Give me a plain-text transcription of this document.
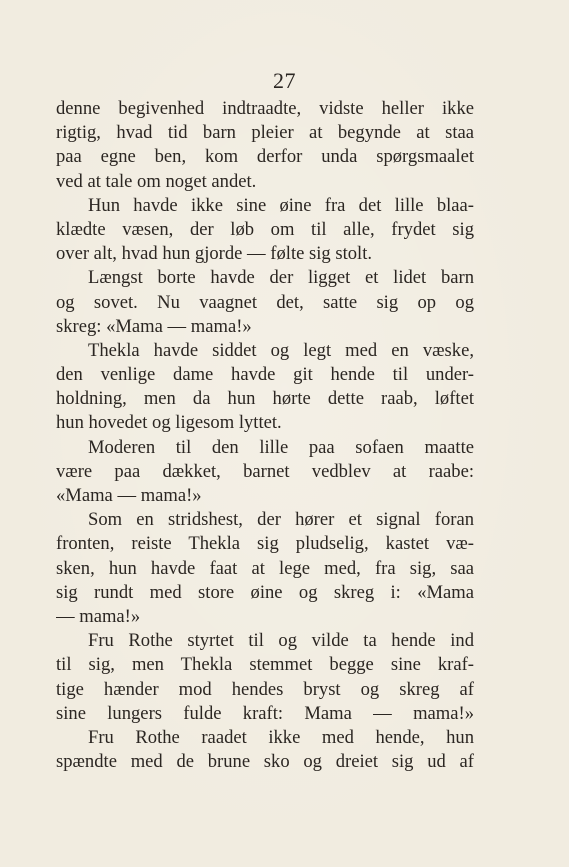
27
denne begivenhed indtraadte, vidste heller ikke
rigtig, hvad tid barn pleier at begynde at staa
paa egne ben, kom derfor unda spørgsmaalet
ved at tale om noget andet.
Hun havde ikke sine øine fra det lille blaa-
klædte væsen, der løb om til alle, frydet sig
over alt, hvad hun gjorde — følte sig stolt.
Længst borte havde der ligget et lidet barn
og sovet. Nu vaagnet det, satte sig op og
skreg: «Mama — mama!»
Thekla havde siddet og legt med en væske,
den venlige dame havde git hende til under-
holdning, men da hun hørte dette raab, løftet
hun hovedet og ligesom lyttet.
Moderen til den lille paa sofaen maatte
være paa dækket, barnet vedblev at raabe:
«Mama — mama!»
Som en stridshest, der hører et signal foran
fronten, reiste Thekla sig pludselig, kastet væ-
sken, hun havde faat at lege med, fra sig, saa
sig rundt med store øine og skreg i: «Mama
— mama!»
Fru Rothe styrtet til og vilde ta hende ind
til sig, men Thekla stemmet begge sine kraf-
tige hænder mod hendes bryst og skreg af
sine lungers fulde kraft: Mama — mama!»
Fru Rothe raadet ikke med hende, hun
spændte med de brune sko og dreiet sig ud af
